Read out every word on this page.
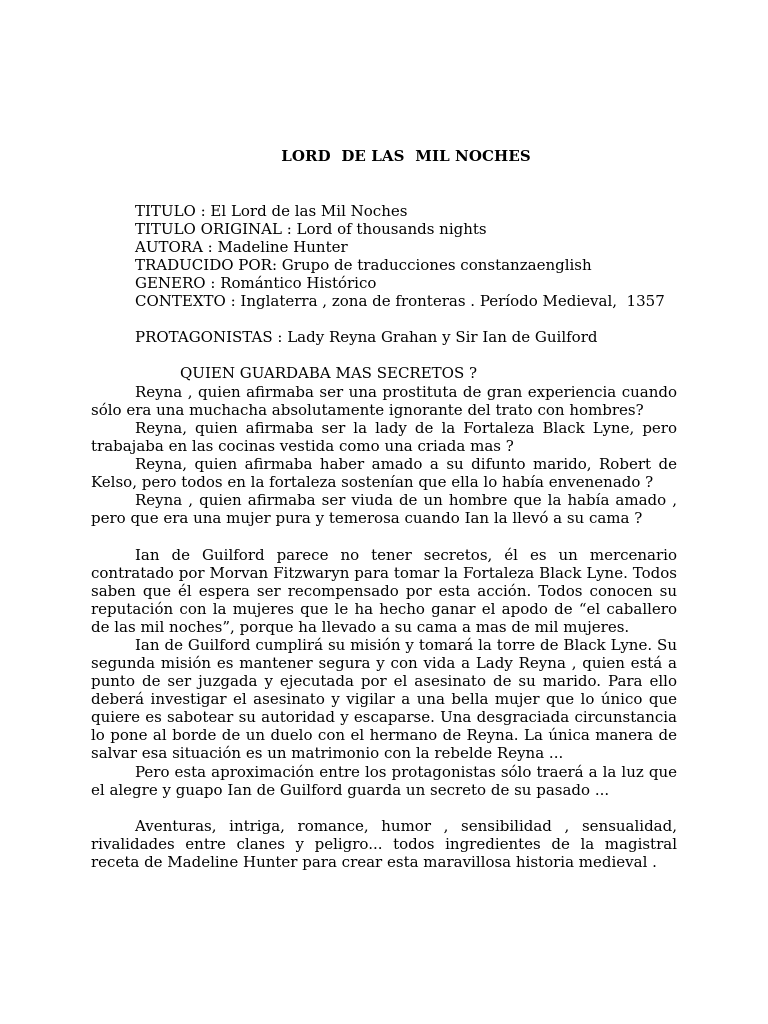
LORD  DE LAS  MIL NOCHES
TITULO : El Lord de las Mil Noches
TITULO ORIGINAL : Lord of thousands nights
AUTORA : Madeline Hunter
TRADUCIDO POR: Grupo de traducciones constanzaenglish
GENERO : Romántico Histórico
CONTEXTO : Inglaterra , zona de fronteras . Período Medieval,  1357
PROTAGONISTAS : Lady Reyna Grahan y Sir Ian de Guilford
QUIEN GUARDABA MAS SECRETOS ?

Reyna , quien afirmaba ser una prostituta de gran experiencia cuando sólo era una muchacha absolutamente ignorante del trato con hombres?

Reyna, quien afirmaba ser la lady de la Fortaleza Black Lyne, pero trabajaba en las cocinas vestida como una criada mas ?

Reyna, quien afirmaba haber amado a su difunto marido, Robert de Kelso, pero todos en la fortaleza sostenían que ella lo había envenenado ?

Reyna , quien afirmaba ser viuda de un hombre que la había amado , pero que era una mujer pura y temerosa cuando Ian la llevó a su cama ?

Ian de Guilford parece no tener secretos, él es un mercenario contratado por Morvan Fitzwaryn para tomar la Fortaleza Black Lyne. Todos saben que él espera ser recompensado por esta acción. Todos conocen su reputación con la mujeres que le ha hecho ganar el apodo de “el caballero de las mil noches”, porque ha llevado a su cama a mas de mil mujeres.

Ian de Guilford cumplirá su misión y tomará la torre de Black Lyne. Su segunda misión es mantener segura y con vida a Lady Reyna , quien está a punto de ser juzgada y ejecutada por el asesinato de su marido. Para ello deberá investigar el asesinato y vigilar a una bella mujer que lo único que quiere es sabotear su autoridad y escaparse. Una desgraciada circunstancia lo pone al borde de un duelo con el hermano de Reyna. La única manera de salvar esa situación es un matrimonio con la rebelde Reyna ...

Pero esta aproximación entre los protagonistas sólo traerá a la luz que el alegre y guapo Ian de Guilford guarda un secreto de su pasado ...

Aventuras, intriga, romance, humor , sensibilidad , sensualidad, rivalidades entre clanes y peligro... todos ingredientes de la magistral receta de Madeline Hunter para crear esta maravillosa historia medieval .
